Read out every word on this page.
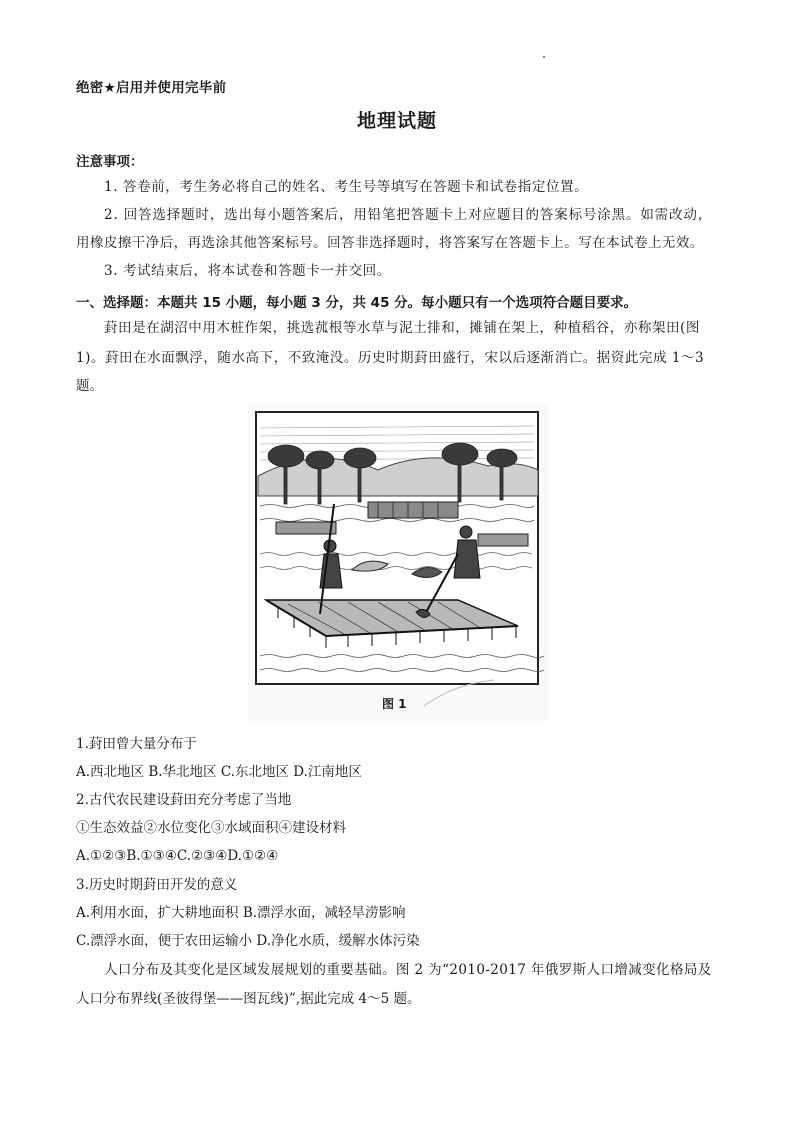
绝密★启用并使用完毕前
地理试题
注意事项：
1. 答卷前，考生务必将自己的姓名、考生号等填写在答题卡和试卷指定位置。
2. 回答选择题时，选出每小题答案后，用铅笔把答题卡上对应题目的答案标号涂黑。如需改动，
用橡皮擦干净后，再选涂其他答案标号。回答非选择题时，将答案写在答题卡上。写在本试卷上无效。
3. 考试结束后，将本试卷和答题卡一并交回。
一、选择题：本题共 15 小题，每小题 3 分，共 45 分。每小题只有一个选项符合题目要求。
葑田是在湖沼中用木桩作架，挑选菰根等水草与泥土排和，摊铺在架上，种植稻谷，亦称架田(图
1)。葑田在水面飘浮，随水高下，不致淹没。历史时期葑田盛行，宋以后逐渐消亡。据资此完成 1～3
题。
图 1
1.葑田曾大量分布于
A.西北地区 B.华北地区 C.东北地区 D.江南地区
2.古代农民建设葑田充分考虑了当地
①生态效益②水位变化③水域面积④建设材料
A.①②③B.①③④C.②③④D.①②④
3.历史时期葑田开发的意义
A.利用水面，扩大耕地面积 B.漂浮水面，减轻旱涝影响
C.漂浮水面，便于农田运输小 D.净化水质，缓解水体污染
人口分布及其变化是区域发展规划的重要基础。图 2 为“2010-2017 年俄罗斯人口增减变化格局及
人口分布界线(圣彼得堡——图瓦线)”,据此完成 4～5 题。
